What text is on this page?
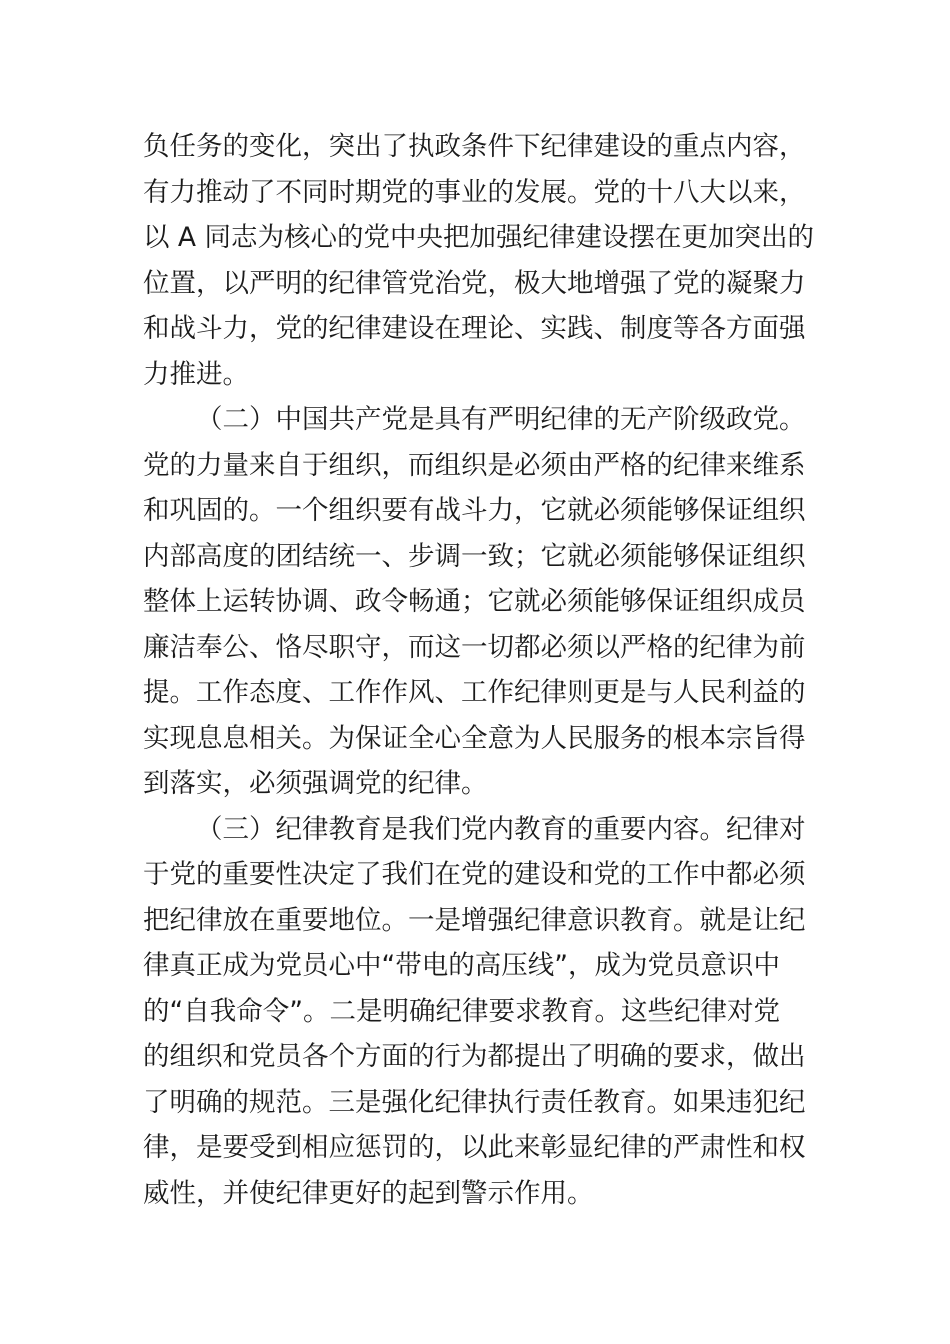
负任务的变化，突出了执政条件下纪律建设的重点内容，
有力推动了不同时期党的事业的发展。党的十八大以来，
以 A 同志为核心的党中央把加强纪律建设摆在更加突出的
位置，以严明的纪律管党治党，极大地增强了党的凝聚力
和战斗力，党的纪律建设在理论、实践、制度等各方面强
力推进。
（二）中国共产党是具有严明纪律的无产阶级政党。
党的力量来自于组织，而组织是必须由严格的纪律来维系
和巩固的。一个组织要有战斗力，它就必须能够保证组织
内部高度的团结统一、步调一致；它就必须能够保证组织
整体上运转协调、政令畅通；它就必须能够保证组织成员
廉洁奉公、恪尽职守，而这一切都必须以严格的纪律为前
提。工作态度、工作作风、工作纪律则更是与人民利益的
实现息息相关。为保证全心全意为人民服务的根本宗旨得
到落实，必须强调党的纪律。
（三）纪律教育是我们党内教育的重要内容。纪律对
于党的重要性决定了我们在党的建设和党的工作中都必须
把纪律放在重要地位。一是增强纪律意识教育。就是让纪
律真正成为党员心中“带电的高压线”，成为党员意识中
的“自我命令”。二是明确纪律要求教育。这些纪律对党
的组织和党员各个方面的行为都提出了明确的要求，做出
了明确的规范。三是强化纪律执行责任教育。如果违犯纪
律，是要受到相应惩罚的，以此来彰显纪律的严肃性和权
威性，并使纪律更好的起到警示作用。
